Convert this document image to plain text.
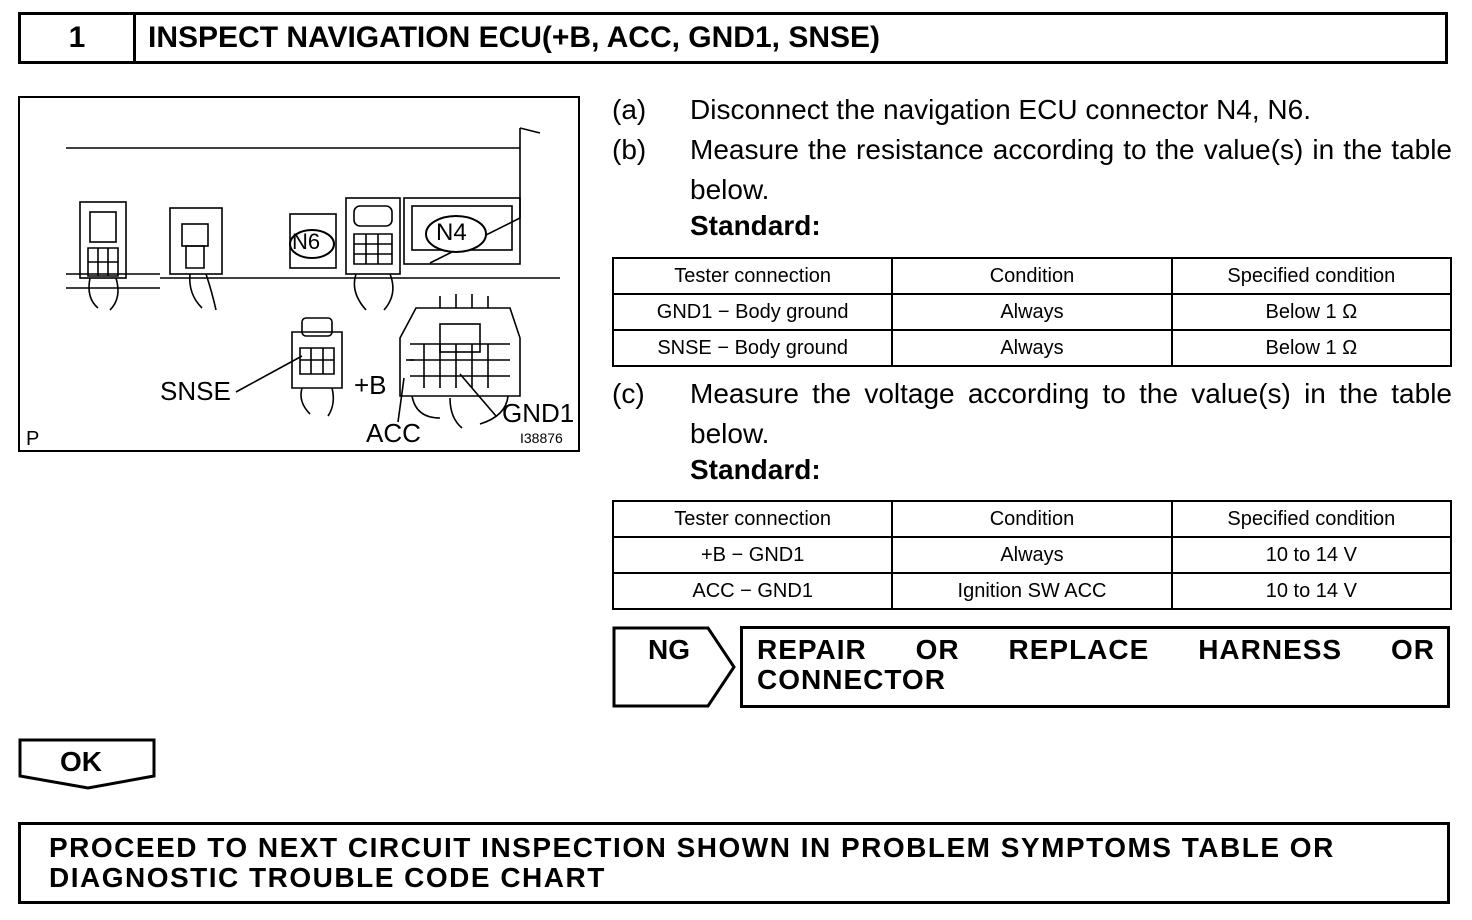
1	INSPECT NAVIGATION ECU(+B, ACC, GND1, SNSE)
N6	N4
SNSE	+B
GND1
ACC
P	I38876
(a)	Disconnect the navigation ECU connector N4, N6.
(b)	Measure the resistance according to the value(s) in the table below.
Standard:
Tester connection	Condition	Specified condition
GND1 − Body ground	Always	Below 1 Ω
SNSE − Body ground	Always	Below 1 Ω
(c)	Measure the voltage according to the value(s) in the table below.
Standard:
Tester connection	Condition	Specified condition
+B − GND1	Always	10 to 14 V
ACC − GND1	Ignition SW ACC	10 to 14 V
NG REPAIR OR REPLACE HARNESS OR
CONNECTOR
OK
PROCEED TO NEXT CIRCUIT INSPECTION SHOWN IN PROBLEM SYMPTOMS TABLE OR
DIAGNOSTIC TROUBLE CODE CHART
